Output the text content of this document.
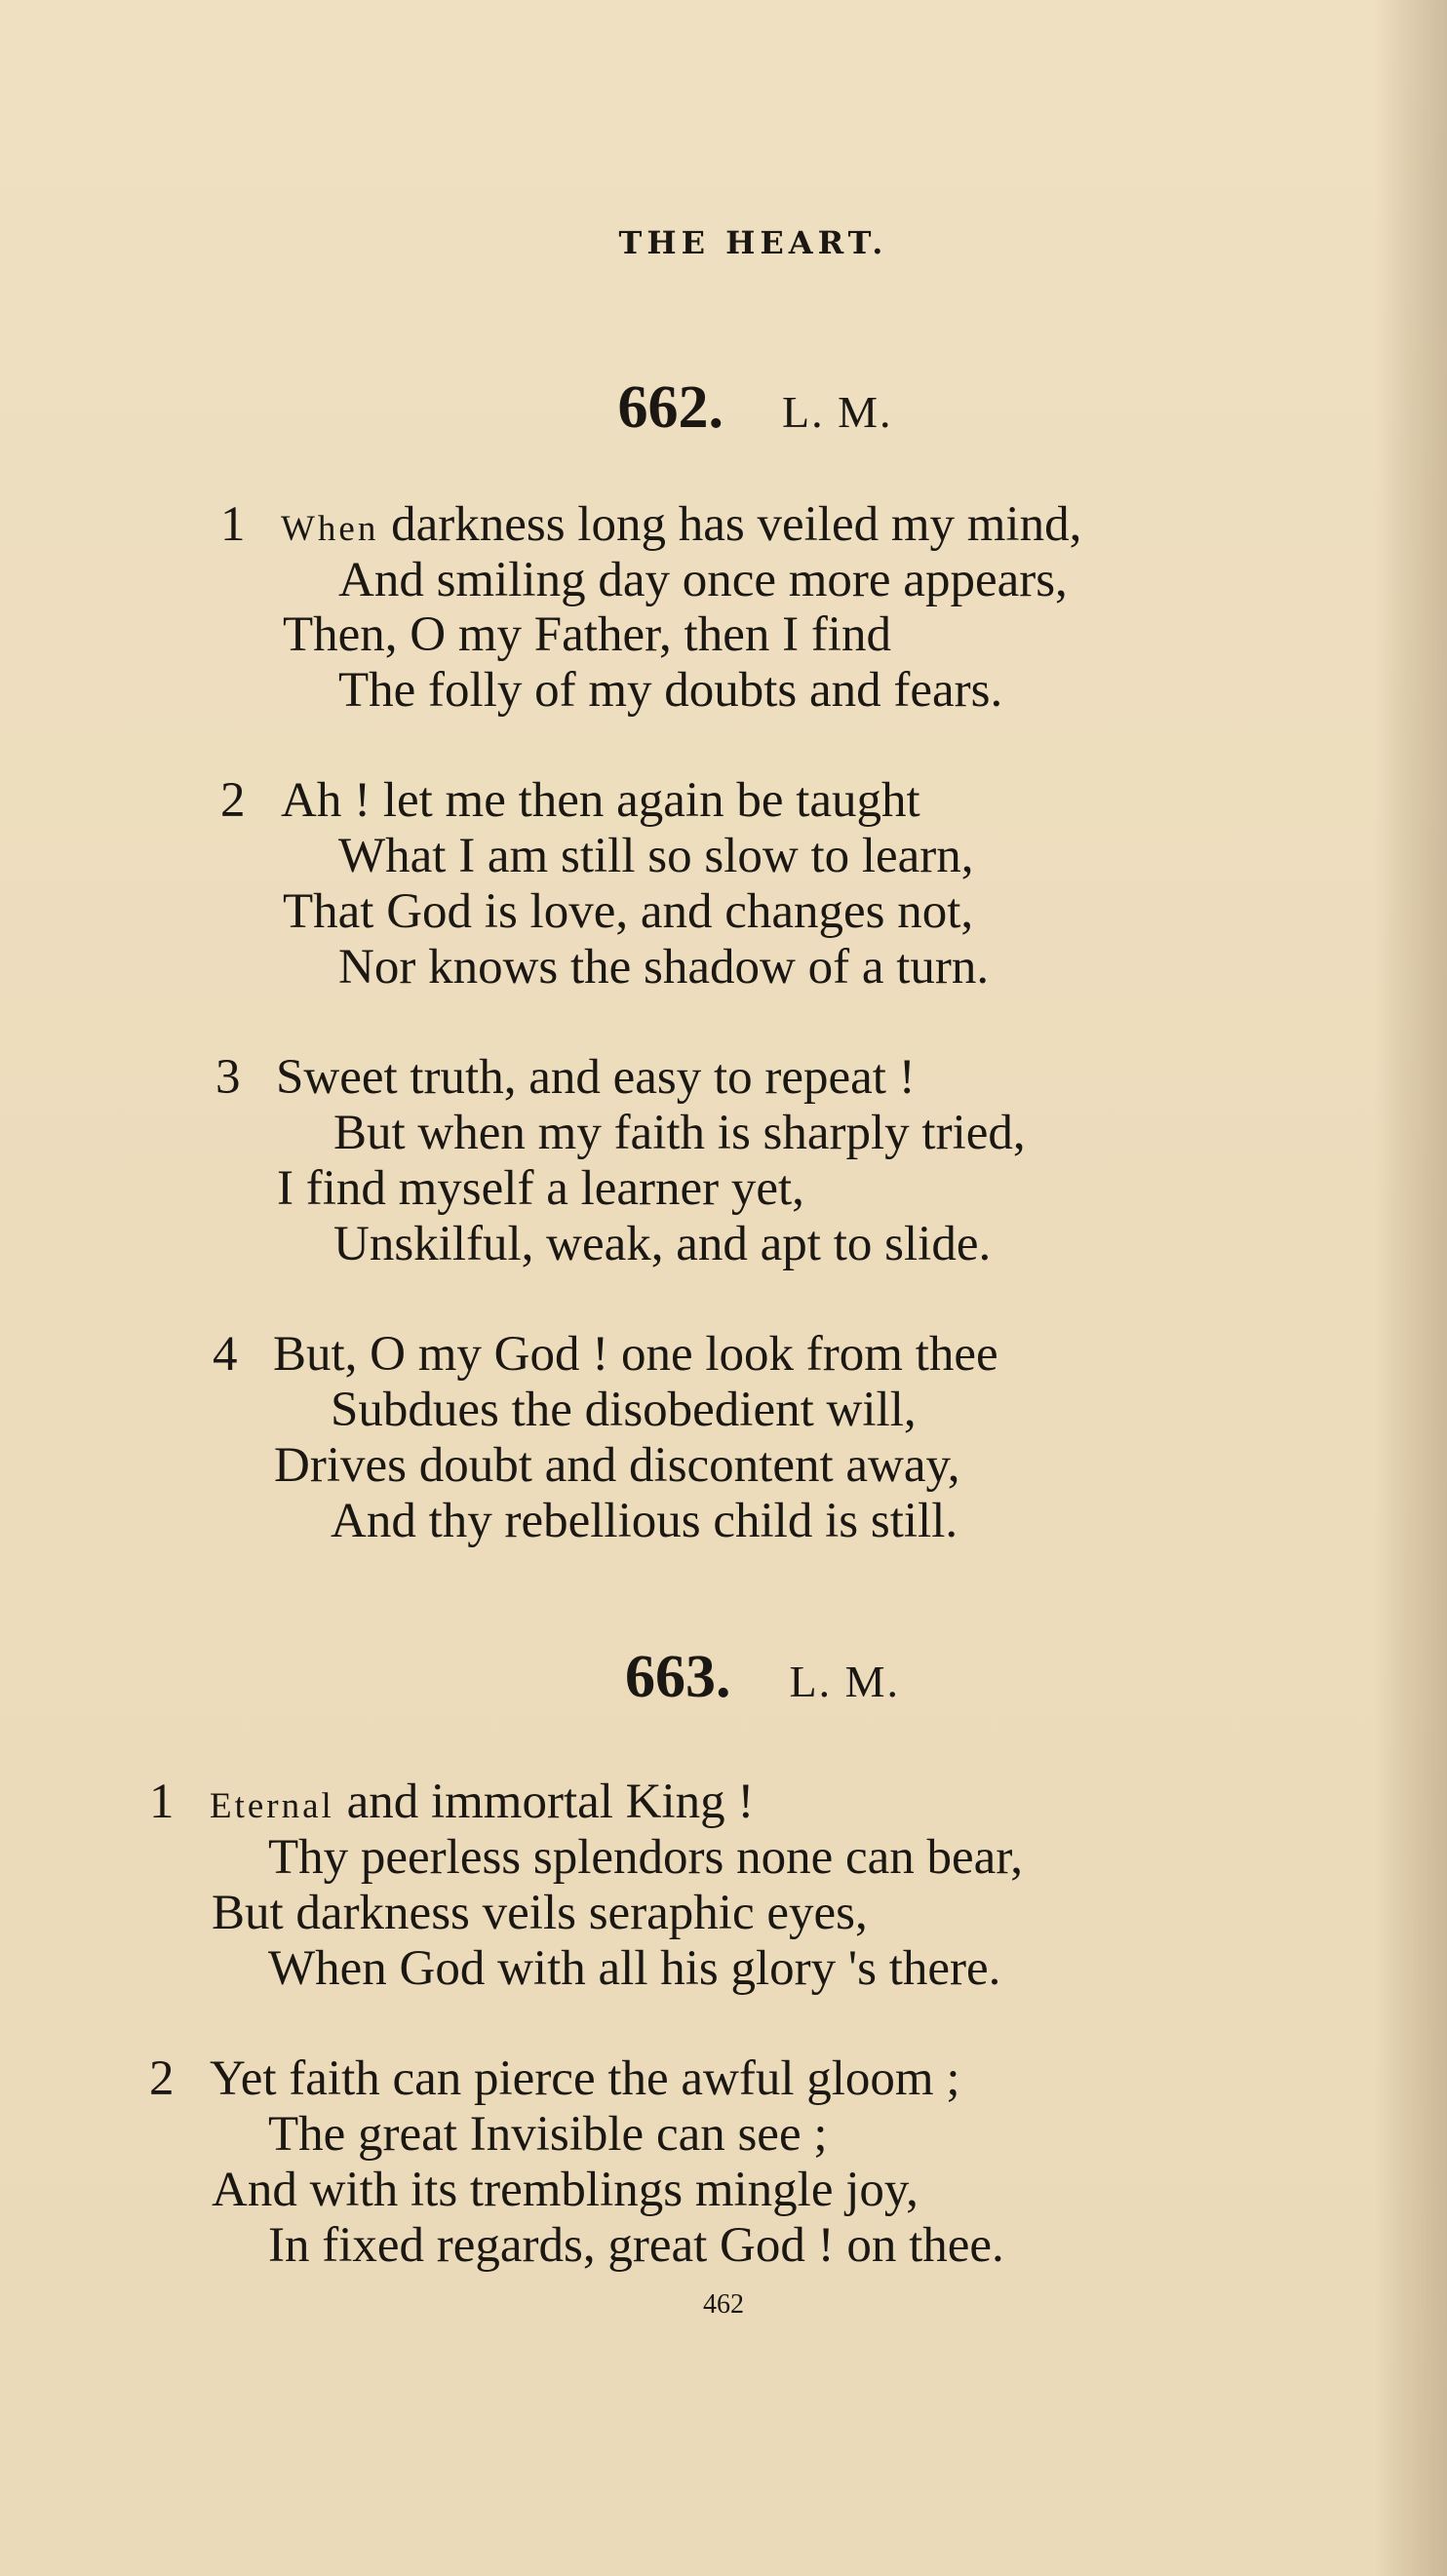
THE HEART.
662. L. M.
1 When darkness long has veiled my mind,
And smiling day once more appears,
Then, O my Father, then I find
The folly of my doubts and fears.
2 Ah ! let me then again be taught
What I am still so slow to learn,
That God is love, and changes not,
Nor knows the shadow of a turn.
3 Sweet truth, and easy to repeat !
But when my faith is sharply tried,
I find myself a learner yet,
Unskilful, weak, and apt to slide.
4 But, O my God ! one look from thee
Subdues the disobedient will,
Drives doubt and discontent away,
And thy rebellious child is still.
663. L. M.
1 Eternal and immortal King !
Thy peerless splendors none can bear,
But darkness veils seraphic eyes,
When God with all his glory 's there.
2 Yet faith can pierce the awful gloom ;
The great Invisible can see ;
And with its tremblings mingle joy,
In fixed regards, great God ! on thee.
462
